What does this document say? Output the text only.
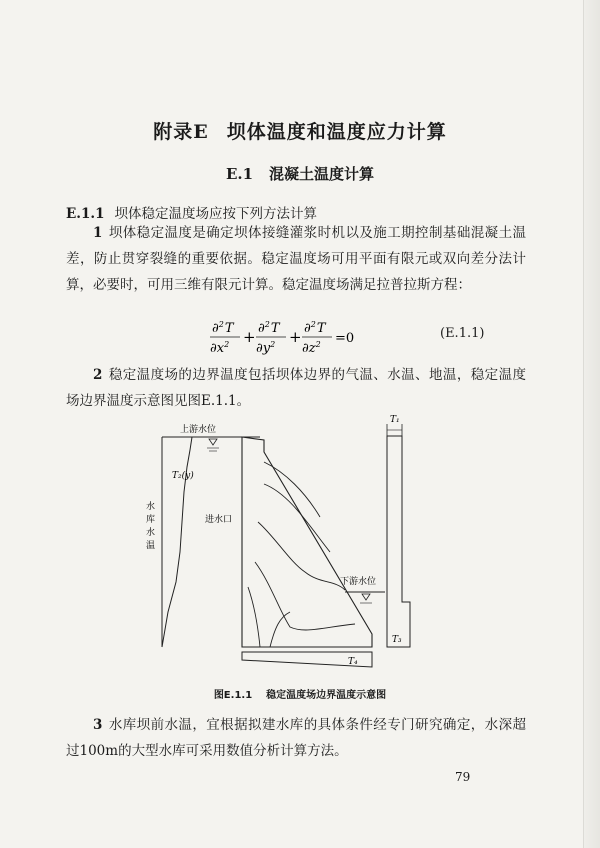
附录E 坝体温度和温度应力计算
E.1 混凝土温度计算
E.1.1 坝体稳定温度场应按下列方法计算
1 坝体稳定温度是确定坝体接缝灌浆时机以及施工期控制基础混凝土温差，防止贯穿裂缝的重要依据。稳定温度场可用平面有限元或双向差分法计算，必要时，可用三维有限元计算。稳定温度场满足拉普拉斯方程：
∂$^2$T
$\partial x^2 + \partial^2T$
$\partial y^2 + \partial^2T$
$\partial z^2 =0$	(E.1.1)
2 稳定温度场的边界温度包括坝体边界的气温、水温、地温，稳定温度场边界温度示意图见图E.1.1。
上游水位
T₂(y)
水
库
水
温
进水口
下游水位
T₁
T₃
T₄
图E.1.1 稳定温度场边界温度示意图
3 水库坝前水温，宜根据拟建水库的具体条件经专门研究确定，水深超过100m的大型水库可采用数值分析计算方法。
79
